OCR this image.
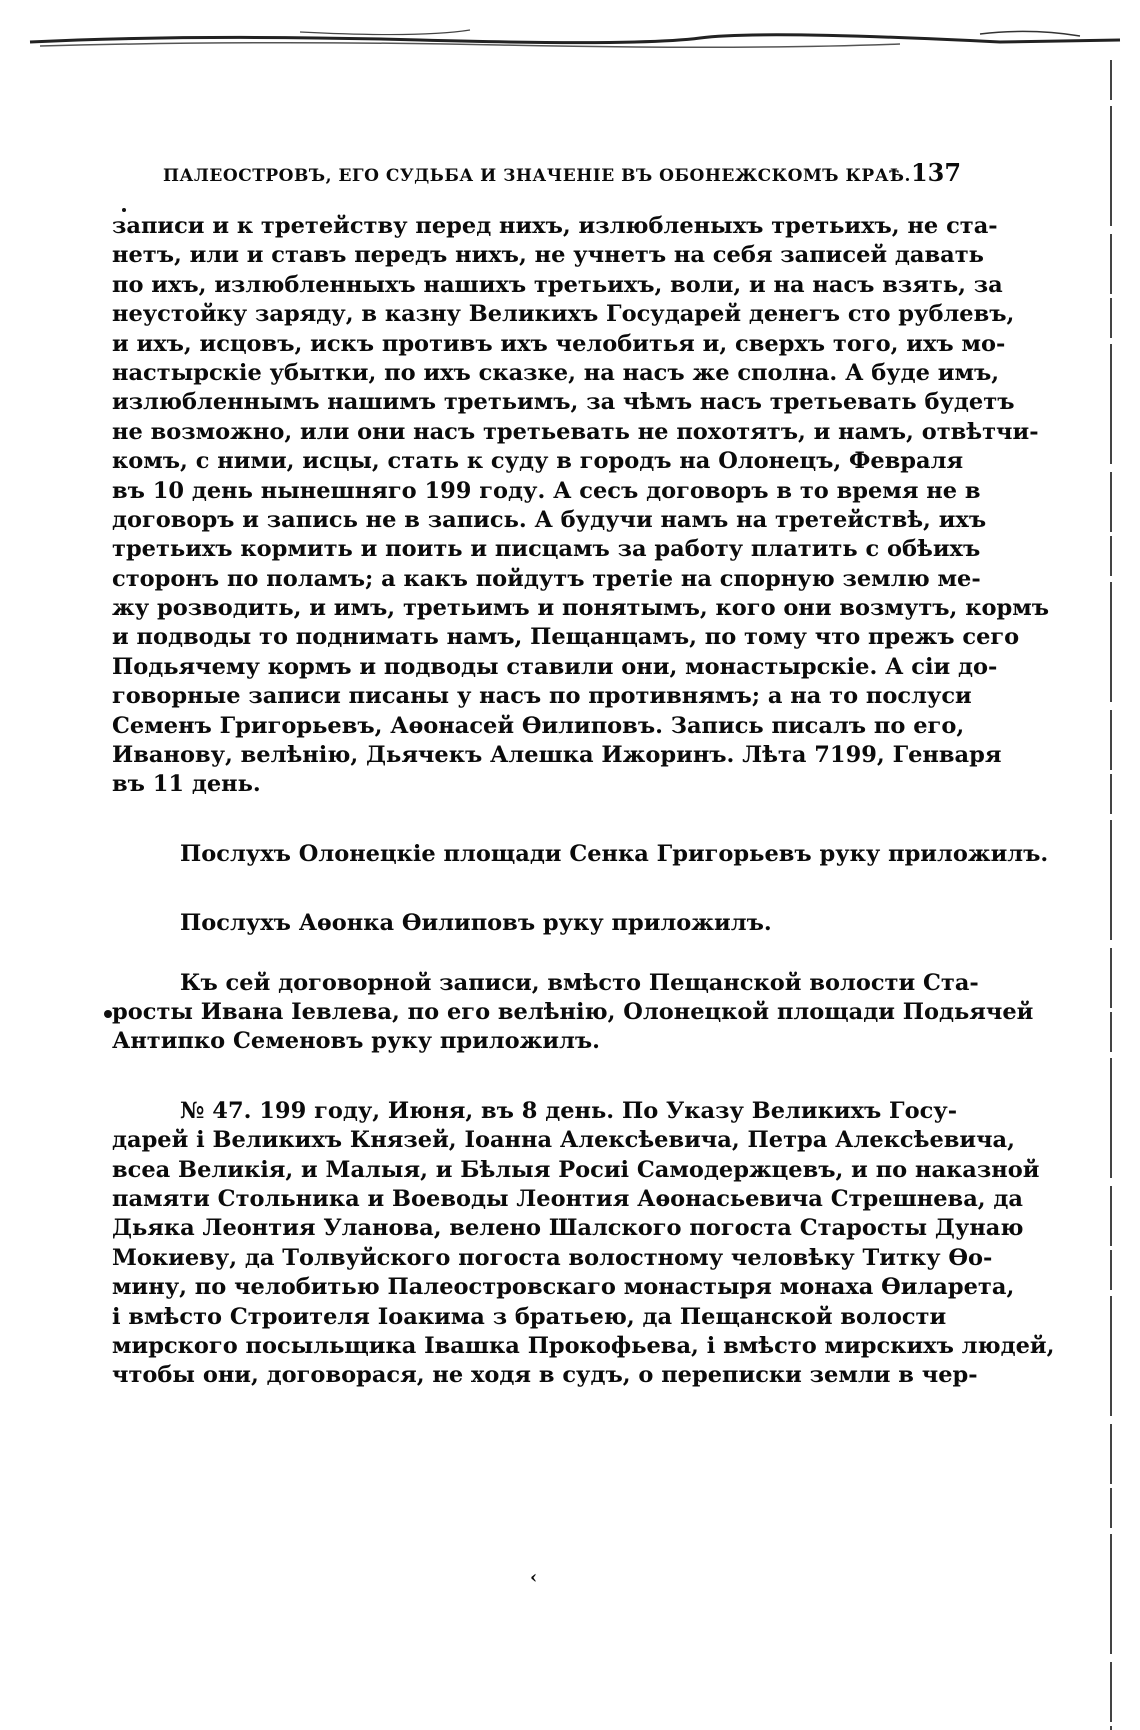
ПАЛЕОСТРОВЪ, ЕГО СУДЬБА И ЗНАЧЕНІЕ ВЪ ОБОНЕЖСКОМЪ КРАѢ. 137
записи и к третейству перед нихъ, излюбленыхъ третьихъ, не ста-
нетъ, или и ставъ передъ нихъ, не учнетъ на себя записей давать
по ихъ, излюбленныхъ нашихъ третьихъ, воли, и на насъ взять, за
неустойку заряду, в казну Великихъ Государей денегъ сто рублевъ,
и ихъ, исцовъ, искъ противъ ихъ челобитья и, сверхъ того, ихъ мо-
настырскіе убытки, по ихъ сказке, на насъ же сполна. А буде имъ,
излюбленнымъ нашимъ третьимъ, за чѣмъ насъ третьевать будетъ
не возможно, или они насъ третьевать не похотятъ, и намъ, отвѣтчи-
комъ, с ними, исцы, стать к суду в городъ на Олонецъ, Февраля
въ 10 день нынешняго 199 году. А сесъ договоръ в то время не в
договоръ и запись не в запись. А будучи намъ на третействѣ, ихъ
третьихъ кормить и поить и писцамъ за работу платить с обѣихъ
сторонъ по поламъ; а какъ пойдутъ третіе на спорную землю ме-
жу розводить, и имъ, третьимъ и понятымъ, кого они возмутъ, кормъ
и подводы то поднимать намъ, Пещанцамъ, по тому что прежъ сего
Подьячему кормъ и подводы ставили они, монастырскіе. А сіи до-
говорные записи писаны у насъ по противнямъ; а на то послуси
Семенъ Григорьевъ, Аѳонасей Ѳилиповъ. Запись писалъ по его,
Иванову, велѣнію, Дьячекъ Алешка Ижоринъ. Лѣта 7199, Генваря
въ 11 день.
Послухъ Олонецкіе площади Сенка Григорьевъ руку приложилъ.
Послухъ Аѳонка Ѳилиповъ руку приложилъ.
Къ сей договорной записи, вмѣсто Пещанской волости Ста-
росты Ивана Іевлева, по его велѣнію, Олонецкой площади Подьячей
Антипко Семеновъ руку приложилъ.
№ 47. 199 году, Июня, въ 8 день. По Указу Великихъ Госу-
дарей і Великихъ Князей, Іоанна Алексѣевича, Петра Алексѣевича,
всеа Великія, и Малыя, и Бѣлыя Росиі Самодержцевъ, и по наказной
памяти Стольника и Воеводы Леонтия Аѳонасьевича Стрешнева, да
Дьяка Леонтия Уланова, велено Шалского погоста Старосты Дунаю
Мокиеву, да Толвуйского погоста волостному человѣку Титку Ѳо-
мину, по челобитью Палеостровскаго монастыря монаха Ѳиларета,
і вмѣсто Строителя Іоакима з братьею, да Пещанской волости
мирского посыльщика Івашка Прокофьева, і вмѣсто мирскихъ людей,
чтобы они, договорася, не ходя в судъ, о переписки земли в чер-
‹
